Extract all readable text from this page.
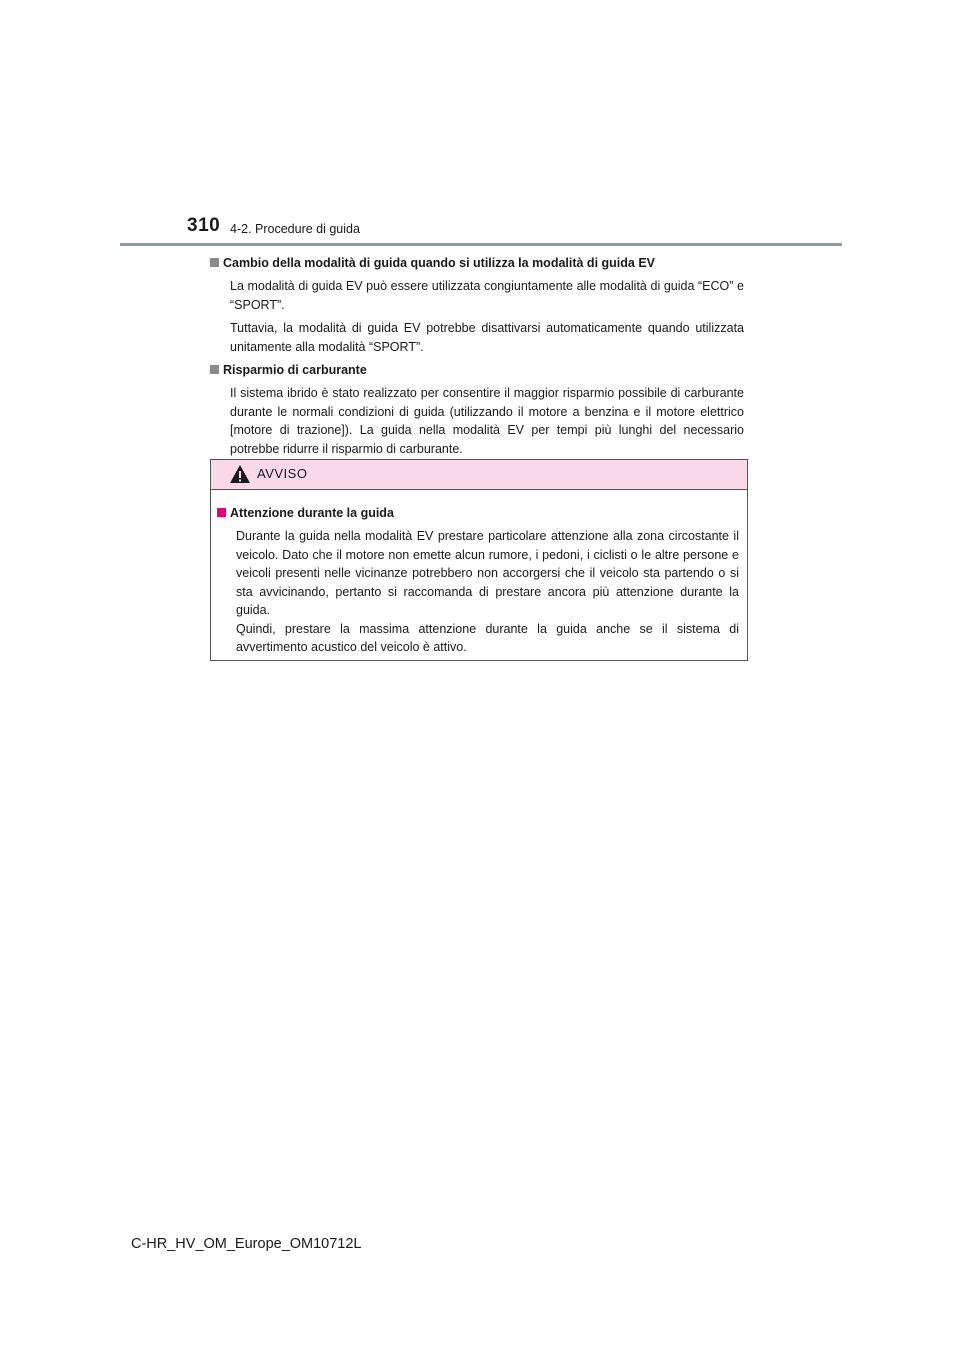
310 4-2. Procedure di guida
Cambio della modalità di guida quando si utilizza la modalità di guida EV
La modalità di guida EV può essere utilizzata congiuntamente alle modalità di guida “ECO” e “SPORT”.
Tuttavia, la modalità di guida EV potrebbe disattivarsi automaticamente quando utilizzata unitamente alla modalità “SPORT”.
Risparmio di carburante
Il sistema ibrido è stato realizzato per consentire il maggior risparmio possibile di carburante durante le normali condizioni di guida (utilizzando il motore a benzina e il motore elettrico [motore di trazione]). La guida nella modalità EV per tempi più lunghi del necessario potrebbe ridurre il risparmio di carburante.
AVVISO
Attenzione durante la guida
Durante la guida nella modalità EV prestare particolare attenzione alla zona circostante il veicolo. Dato che il motore non emette alcun rumore, i pedoni, i ciclisti o le altre persone e veicoli presenti nelle vicinanze potrebbero non accorgersi che il veicolo sta partendo o si sta avvicinando, pertanto si raccomanda di prestare ancora più attenzione durante la guida.
Quindi, prestare la massima attenzione durante la guida anche se il sistema di avvertimento acustico del veicolo è attivo.
C-HR_HV_OM_Europe_OM10712L
